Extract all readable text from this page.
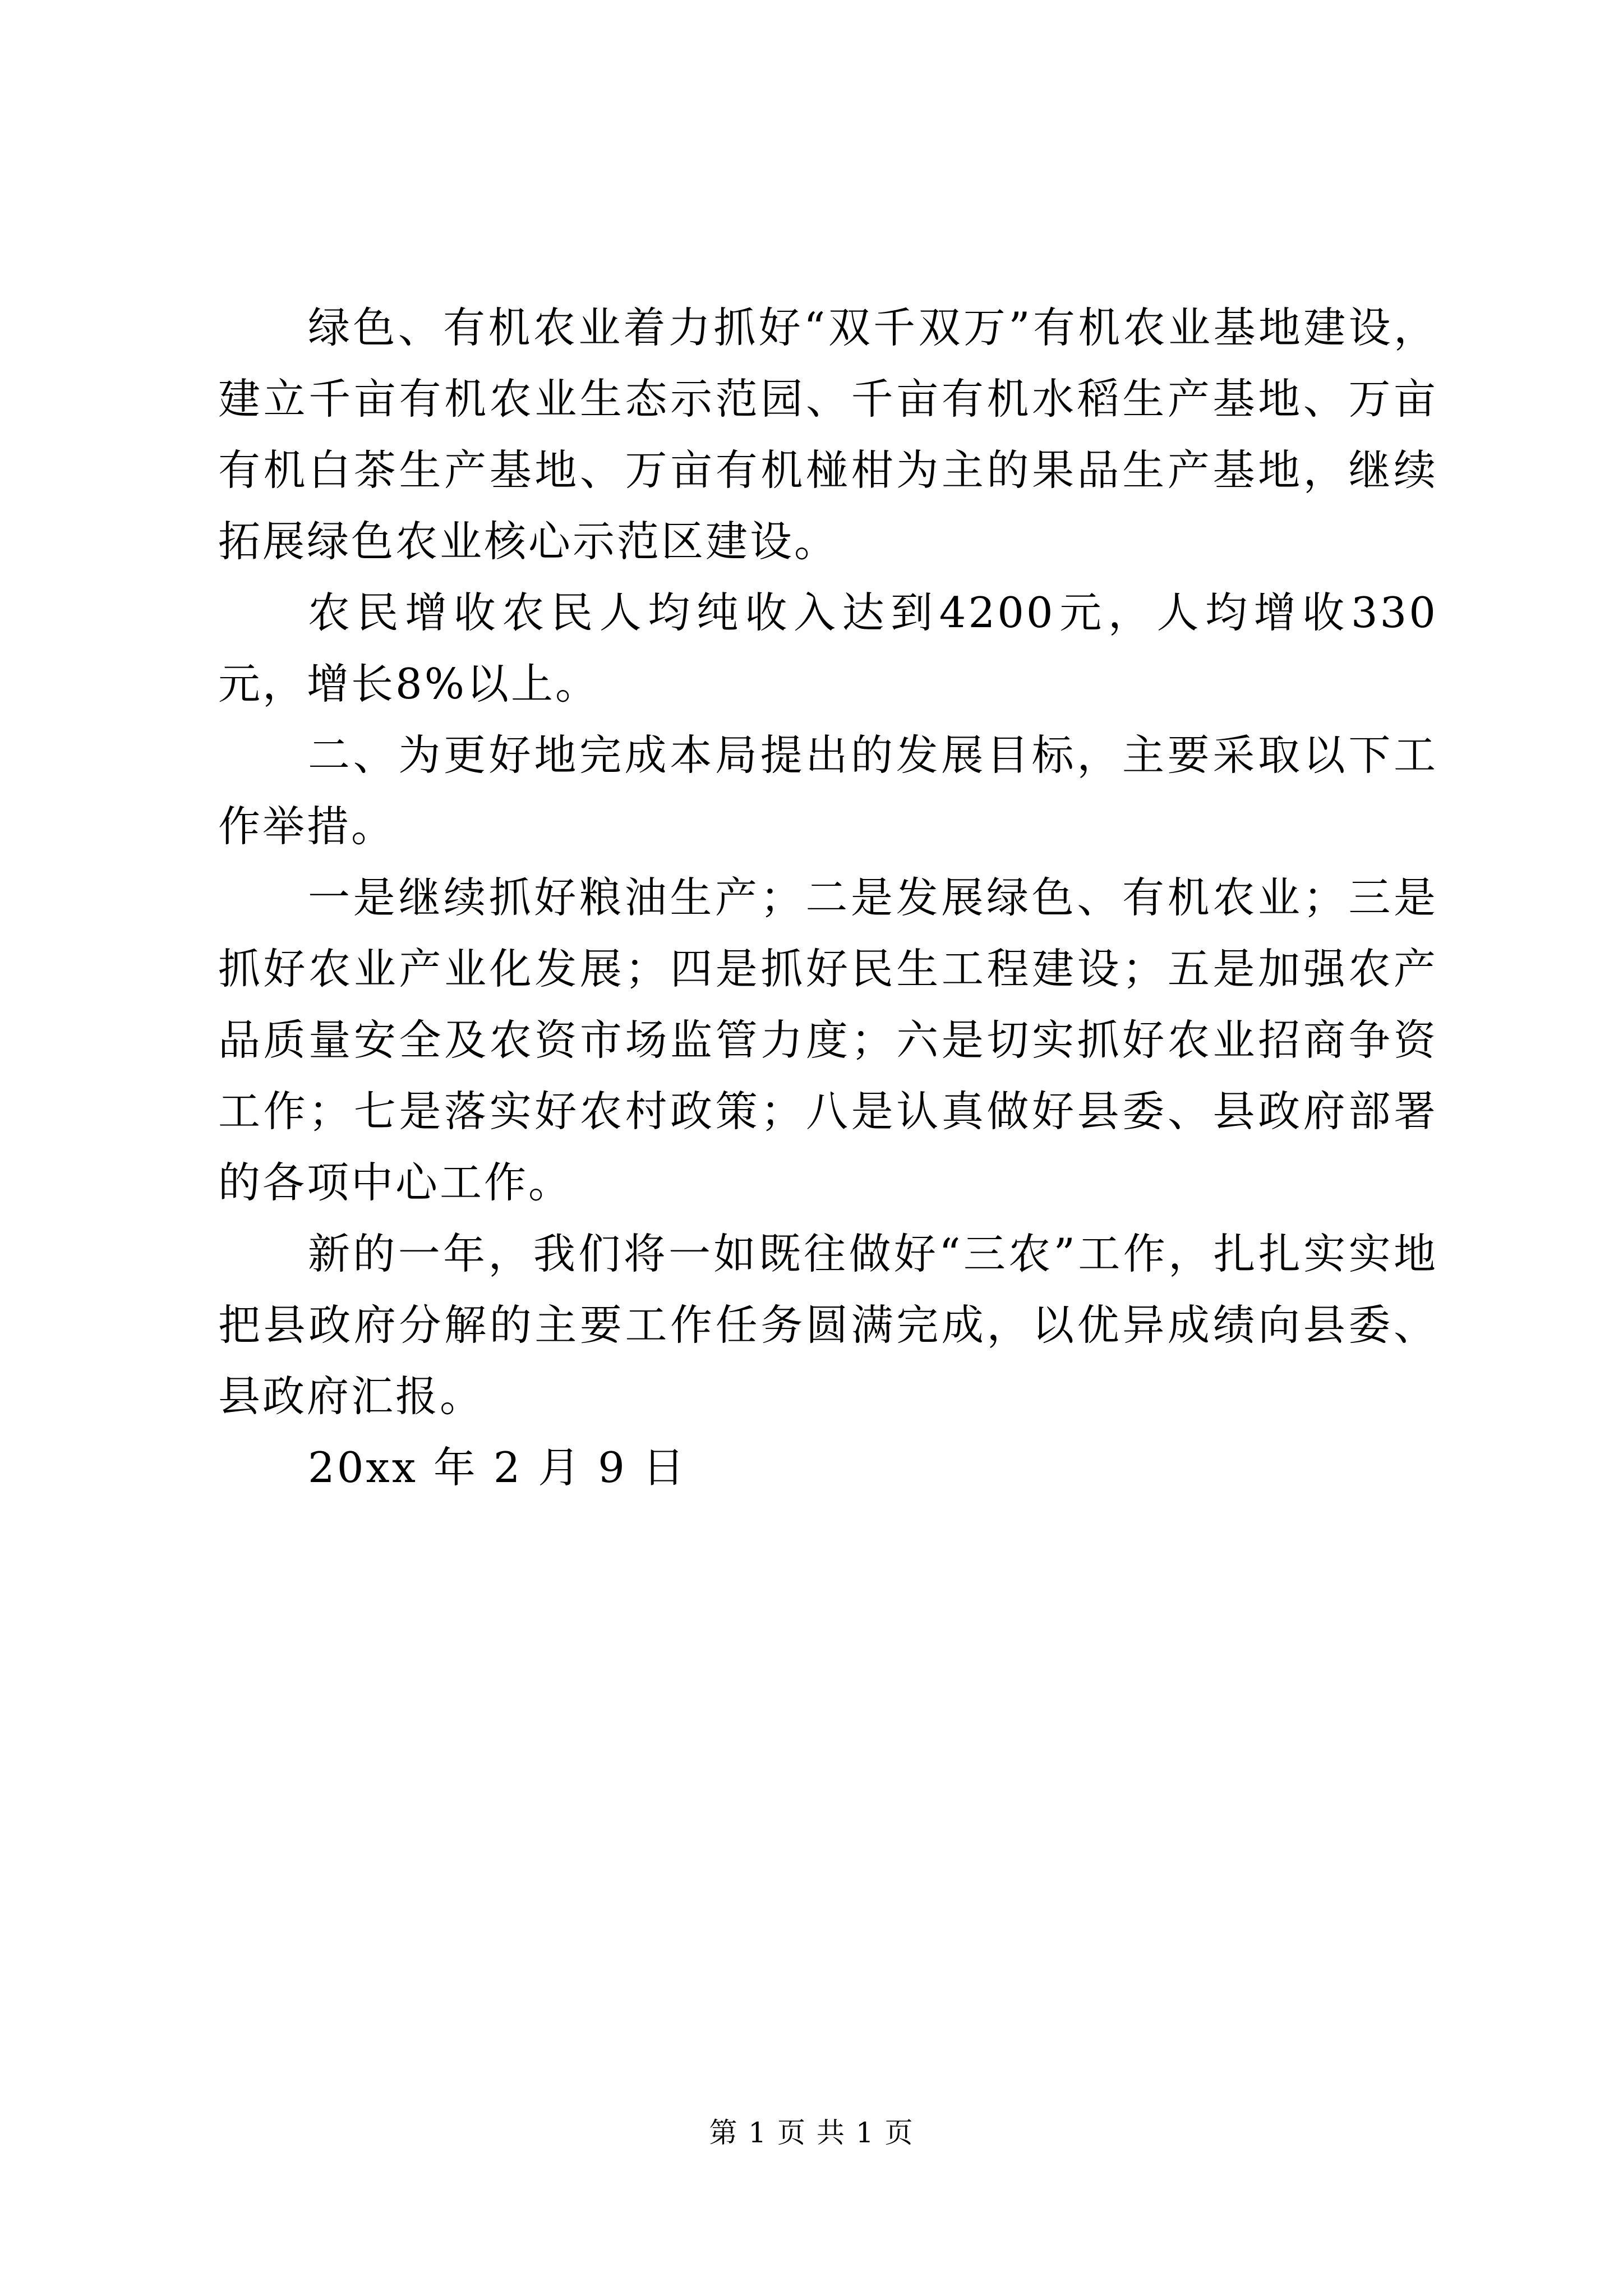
绿色、有机农业着力抓好“双千双万”有机农业基地建设，建立千亩有机农业生态示范园、千亩有机水稻生产基地、万亩有机白茶生产基地、万亩有机椪柑为主的果品生产基地，继续拓展绿色农业核心示范区建设。

农民增收农民人均纯收入达到4200元，人均增收330元，增长8%以上。

二、为更好地完成本局提出的发展目标，主要采取以下工作举措。

一是继续抓好粮油生产；二是发展绿色、有机农业；三是抓好农业产业化发展；四是抓好民生工程建设；五是加强农产品质量安全及农资市场监管力度；六是切实抓好农业招商争资工作；七是落实好农村政策；八是认真做好县委、县政府部署的各项中心工作。

新的一年，我们将一如既往做好“三农”工作，扎扎实实地把县政府分解的主要工作任务圆满完成，以优异成绩向县委、县政府汇报。

20xx 年 2 月 9 日

第 1 页 共 1 页
